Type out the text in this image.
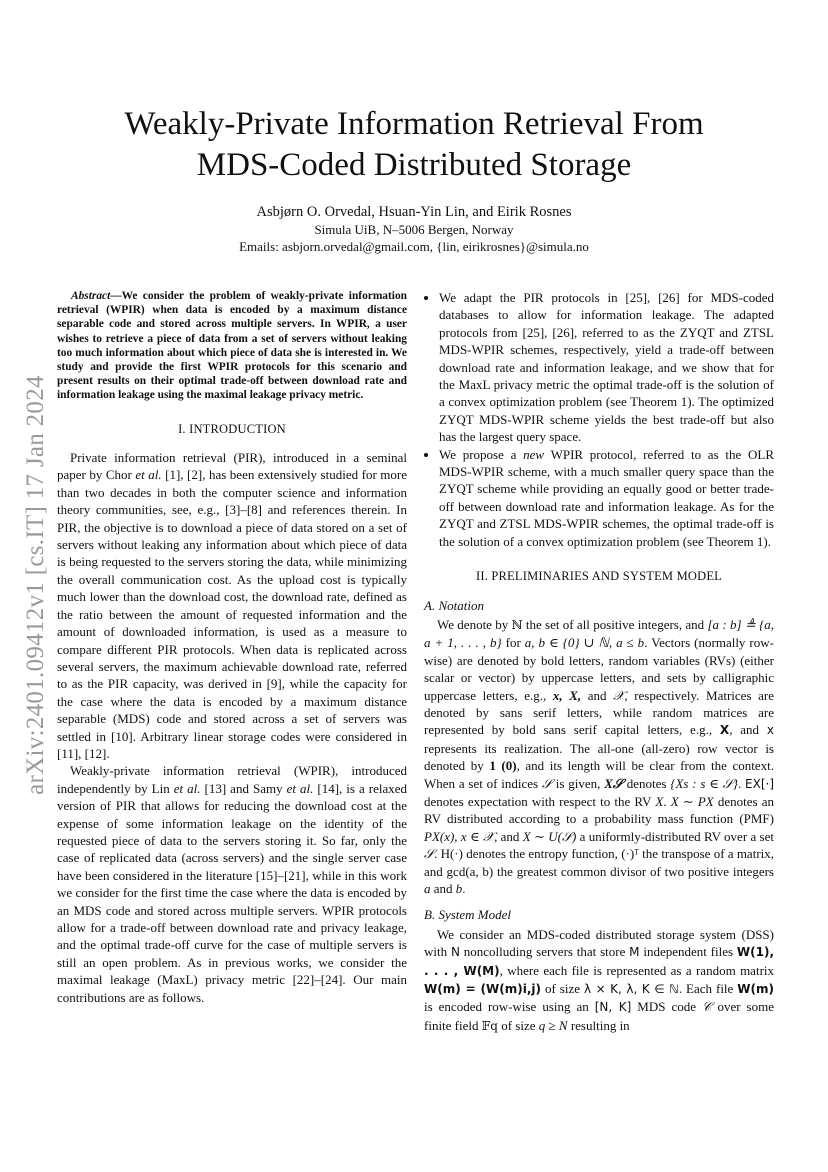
arXiv:2401.09412v1 [cs.IT] 17 Jan 2024
Weakly-Private Information Retrieval From
MDS-Coded Distributed Storage
Asbjørn O. Orvedal, Hsuan-Yin Lin, and Eirik Rosnes
Simula UiB, N–5006 Bergen, Norway
Emails: asbjorn.orvedal@gmail.com, {lin, eirikrosnes}@simula.no

Abstract—We consider the problem of weakly-private information retrieval (WPIR) when data is encoded by a maximum distance separable code and stored across multiple servers. In WPIR, a user wishes to retrieve a piece of data from a set of servers without leaking too much information about which piece of data she is interested in. We study and provide the first WPIR protocols for this scenario and present results on their optimal trade-off between download rate and information leakage using the maximal leakage privacy metric.

I. INTRODUCTION

Private information retrieval (PIR), introduced in a seminal paper by Chor et al. [1], [2], has been extensively studied for more than two decades in both the computer science and information theory communities, see, e.g., [3]–[8] and references therein. In PIR, the objective is to download a piece of data stored on a set of servers without leaking any information about which piece of data is being requested to the servers storing the data, while minimizing the overall communication cost. As the upload cost is typically much lower than the download cost, the download rate, defined as the ratio between the amount of requested information and the amount of downloaded information, is used as a measure to compare different PIR protocols. When data is replicated across several servers, the maximum achievable download rate, referred to as the PIR capacity, was derived in [9], while the capacity for the case where the data is encoded by a maximum distance separable (MDS) code and stored across a set of servers was settled in [10]. Arbitrary linear storage codes were considered in [11], [12].

Weakly-private information retrieval (WPIR), introduced independently by Lin et al. [13] and Samy et al. [14], is a relaxed version of PIR that allows for reducing the download cost at the expense of some information leakage on the identity of the requested piece of data to the servers storing it. So far, only the case of replicated data (across servers) and the single server case have been considered in the literature [15]–[21], while in this work we consider for the first time the case where the data is encoded by an MDS code and stored across multiple servers. WPIR protocols allow for a trade-off between download rate and privacy leakage, and the optimal trade-off curve for the case of multiple servers is still an open problem. As in previous works, we consider the maximal leakage (MaxL) privacy metric [22]–[24]. Our main contributions are as follows.

• We adapt the PIR protocols in [25], [26] for MDS-coded databases to allow for information leakage. The adapted protocols from [25], [26], referred to as the ZYQT and ZTSL MDS-WPIR schemes, respectively, yield a trade-off between download rate and information leakage, and we show that for the MaxL privacy metric the optimal trade-off is the solution of a convex optimization problem (see Theorem 1). The optimized ZYQT MDS-WPIR scheme yields the best trade-off but also has the largest query space.
• We propose a new WPIR protocol, referred to as the OLR MDS-WPIR scheme, with a much smaller query space than the ZYQT scheme while providing an equally good or better trade-off between download rate and information leakage. As for the ZYQT and ZTSL MDS-WPIR schemes, the optimal trade-off is the solution of a convex optimization problem (see Theorem 1).
II. PRELIMINARIES AND SYSTEM MODEL
A. Notation

We denote by ℕ the set of all positive integers, and [a : b] ≜ {a, a + 1, . . . , b} for a, b ∈ {0} ∪ ℕ, a ≤ b. Vectors (normally row-wise) are denoted by bold letters, random variables (RVs) (either scalar or vector) by uppercase letters, and sets by calligraphic uppercase letters, e.g., x, X, and 𝒳, respectively. Matrices are denoted by sans serif letters, while random matrices are represented by bold sans serif capital letters, e.g., X, and x represents its realization. The all-one (all-zero) row vector is denoted by 1 (0), and its length will be clear from the context. When a set of indices 𝒮 is given, X𝒮 denotes {Xs : s ∈ 𝒮}. EX[·] denotes expectation with respect to the RV X. X ∼ PX denotes an RV distributed according to a probability mass function (PMF) PX(x), x ∈ 𝒳, and X ∼ U(𝒮) a uniformly-distributed RV over a set 𝒮. H(·) denotes the entropy function, (·)ᵀ the transpose of a matrix, and gcd(a, b) the greatest common divisor of two positive integers a and b.

B. System Model

We consider an MDS-coded distributed storage system (DSS) with N noncolluding servers that store M independent files W(1), . . . , W(M), where each file is represented as a random matrix W(m) = (W(m)i,j) of size λ × K, λ, K ∈ ℕ. Each file W(m) is encoded row-wise using an [N, K] MDS code 𝒞 over some finite field 𝔽q of size q ≥ N resulting in
